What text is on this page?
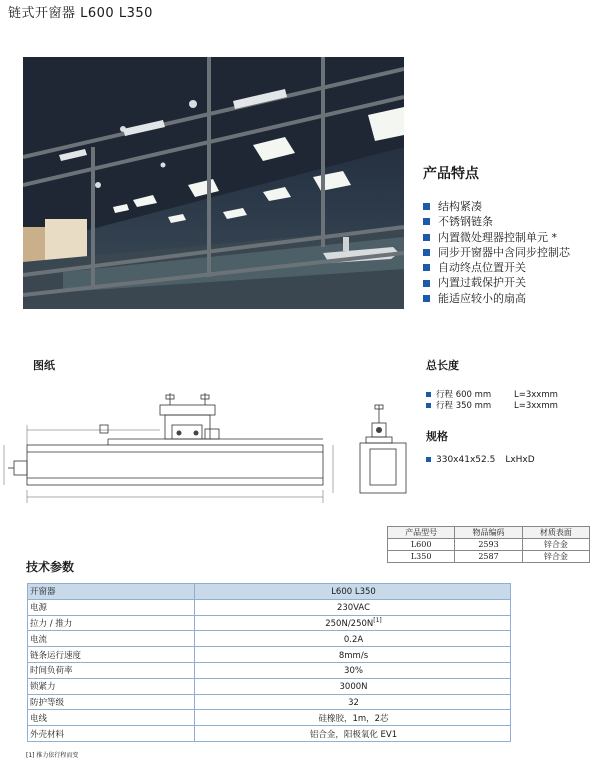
链式开窗器 L600 L350
产品特点
结构紧凑
不锈钢链条
内置微处理器控制单元 *
同步开窗器中含同步控制芯
自动终点位置开关
内置过载保护开关
能适应较小的扇高
图纸	总长度
行程 600 mm	L=3xxmm
行程 350 mm	L=3xxmm
规格
330x41x52.5 LxHxD
产品型号	物品编码	材质表面
L600	2593	锌合金
L350	2587	锌合金
技术参数
开窗器	L600 L350
电源	230VAC
拉力 / 推力	250N/250N[1]
电流	0.2A
链条运行速度	8mm/s
时间负荷率	30%
锁紧力	3000N
防护等级	32
电线	硅橡胶，1m，2芯
外壳材料	铝合金，阳极氧化 EV1
[1] 推力依行程而变
